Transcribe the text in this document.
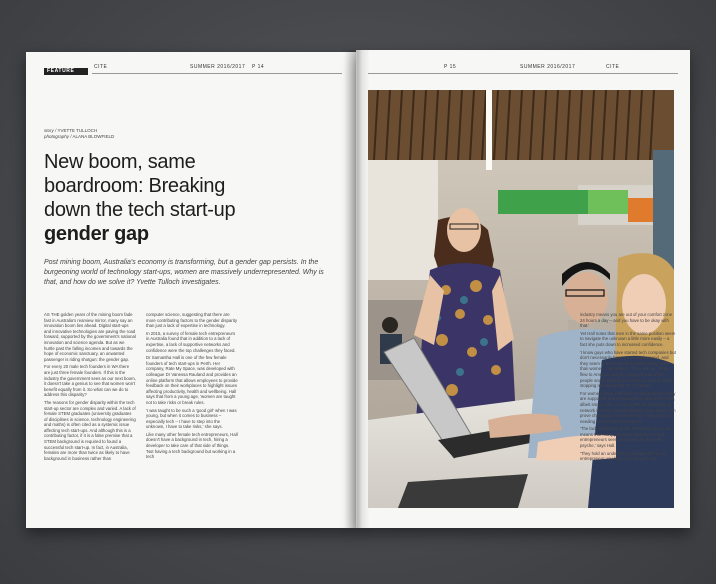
FEATURE
CITE	SUMMER 2016/2017 P 14	P 15	SUMMER 2016/2017	CITE
story / YVETTE TULLOCH
photography / ALANA BLOWFIELD
New boom, same
boardroom: Breaking
down the tech start-up
gender gap
Post mining boom, Australia's economy is transforming, but a gender gap persists. In the burgeoning world of technology start-ups, women are massively underrepresented. Why is that, and how do we solve it? Yvette Tulloch investigates.

AS THE golden years of the mining boom fade fast in Australia's rearview mirror, many say an innovation boom lies ahead. Digital start-ups and innovative technologies are paving the road forward, supported by the government's national innovation and science agenda. But as we hurtle past the falling incomes and towards the hope of economic sanctuary, an unwanted passenger is riding shotgun: the gender gap.

For every 20 male tech founders in WA there are just three female founders. If this is the industry the government sees as our next boom, it doesn't take a genius to see that women won't benefit equally from it. So what can we do to address this disparity?

The reasons for gender disparity within the tech start-up sector are complex and varied. A lack of female STEM graduates (university graduates of disciplines in science, technology engineering and maths) is often cited as a systemic issue affecting tech start-ups. And although this is a contributing factor, if it is a false premise that a STEM background is required to found a successful tech start-up. In fact, in Australia, females are more than twice as likely to have background in business rather than

computer science, suggesting that there are more contributing factors to the gender disparity than just a lack of expertise in technology.

In 2015, a survey of female tech entrepreneurs in Australia found that in addition to a lack of expertise, a lack of supportive networks and confidence were the top challenges they faced.

Dr Samantha Hall is one of the few female founders of tech start-ups in Perth. Her company, Rate My Space, was developed with colleague Dr Vanessa Rauland and provides an online platform that allows employees to provide feedback on their workplaces to highlight issues affecting productivity, health and wellbeing. Hall says that from a young age, 'women are taught not to take risks or break rules.

'I was taught to be such a 'good girl' when I was young, but when it comes to business – especially tech – I have to step into the unknown, I have to take risks,' she says.

Like many other female tech entrepreneurs, Hall doesn't have a background in tech, hiring a developer to take care of that side of things. 'Not having a tech background but working in a tech

industry means you are out of your comfort zone 24 hours a day – and you have to be okay with that.'

Yet Hall notes that men in the same position seem to navigate the unknown a little more easily – a fact she puts down to increased confidence.

'I know guys who have started tech companies but don't necessarily have a tech background, and they seem to be more comfortable taking risks than women,' she reflects. 'They tell me, Yeah, I flew to America and just engaged with a few people and it worked' and I think to myself, what's stopping me taking that sort of jump?'

For women, then, Hall feels it's important that they are supported and encouraged to take more risks, albeit smart risks. Yet she notes that the start-up network in Perth is predominantly male, which can prove challenging for female tech entrepreneurs needing mentorship and support.

'The lack of diversity in the Perth start-up sector means that many programs designed to help entrepreneurs seem to be built for the male psyche,' says Hall.

'They hold an underlying message that 'as an entrepreneur you have to work 24/7, you
